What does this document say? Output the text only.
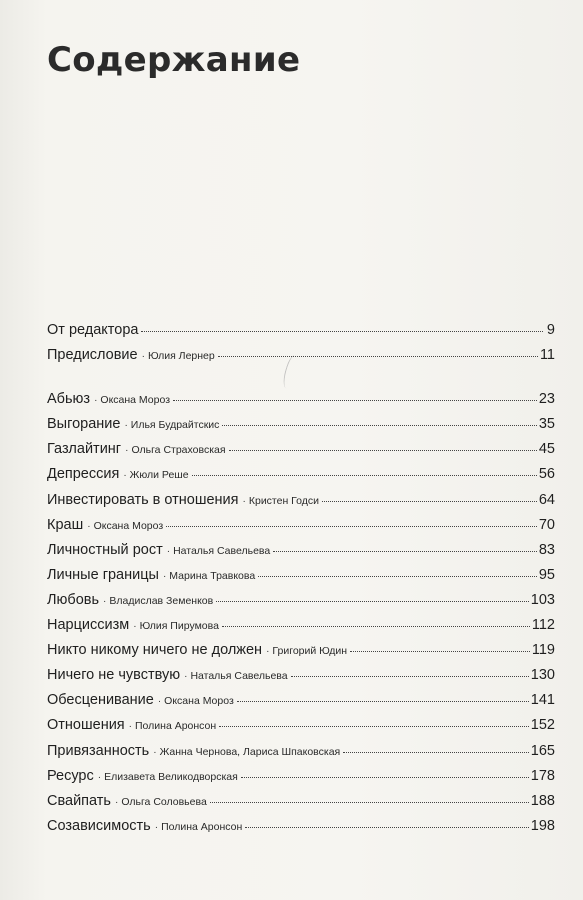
Содержание
От редактора	9
Предисловие · Юлия Лернер	11
Абьюз · Оксана Мороз	23
Выгорание · Илья Будрайтскис	35
Газлайтинг · Ольга Страховская	45
Депрессия · Жюли Реше	56
Инвестировать в отношения · Кристен Годси	64
Краш · Оксана Мороз	70
Личностный рост · Наталья Савельева	83
Личные границы · Марина Травкова	95
Любовь · Владислав Земенков	103
Нарциссизм · Юлия Пирумова	112
Никто никому ничего не должен · Григорий Юдин	119
Ничего не чувствую · Наталья Савельева	130
Обесценивание · Оксана Мороз	141
Отношения · Полина Аронсон	152
Привязанность · Жанна Чернова, Лариса Шпаковская	165
Ресурс · Елизавета Великодворская	178
Свайпать · Ольга Соловьева	188
Созависимость · Полина Аронсон	198
